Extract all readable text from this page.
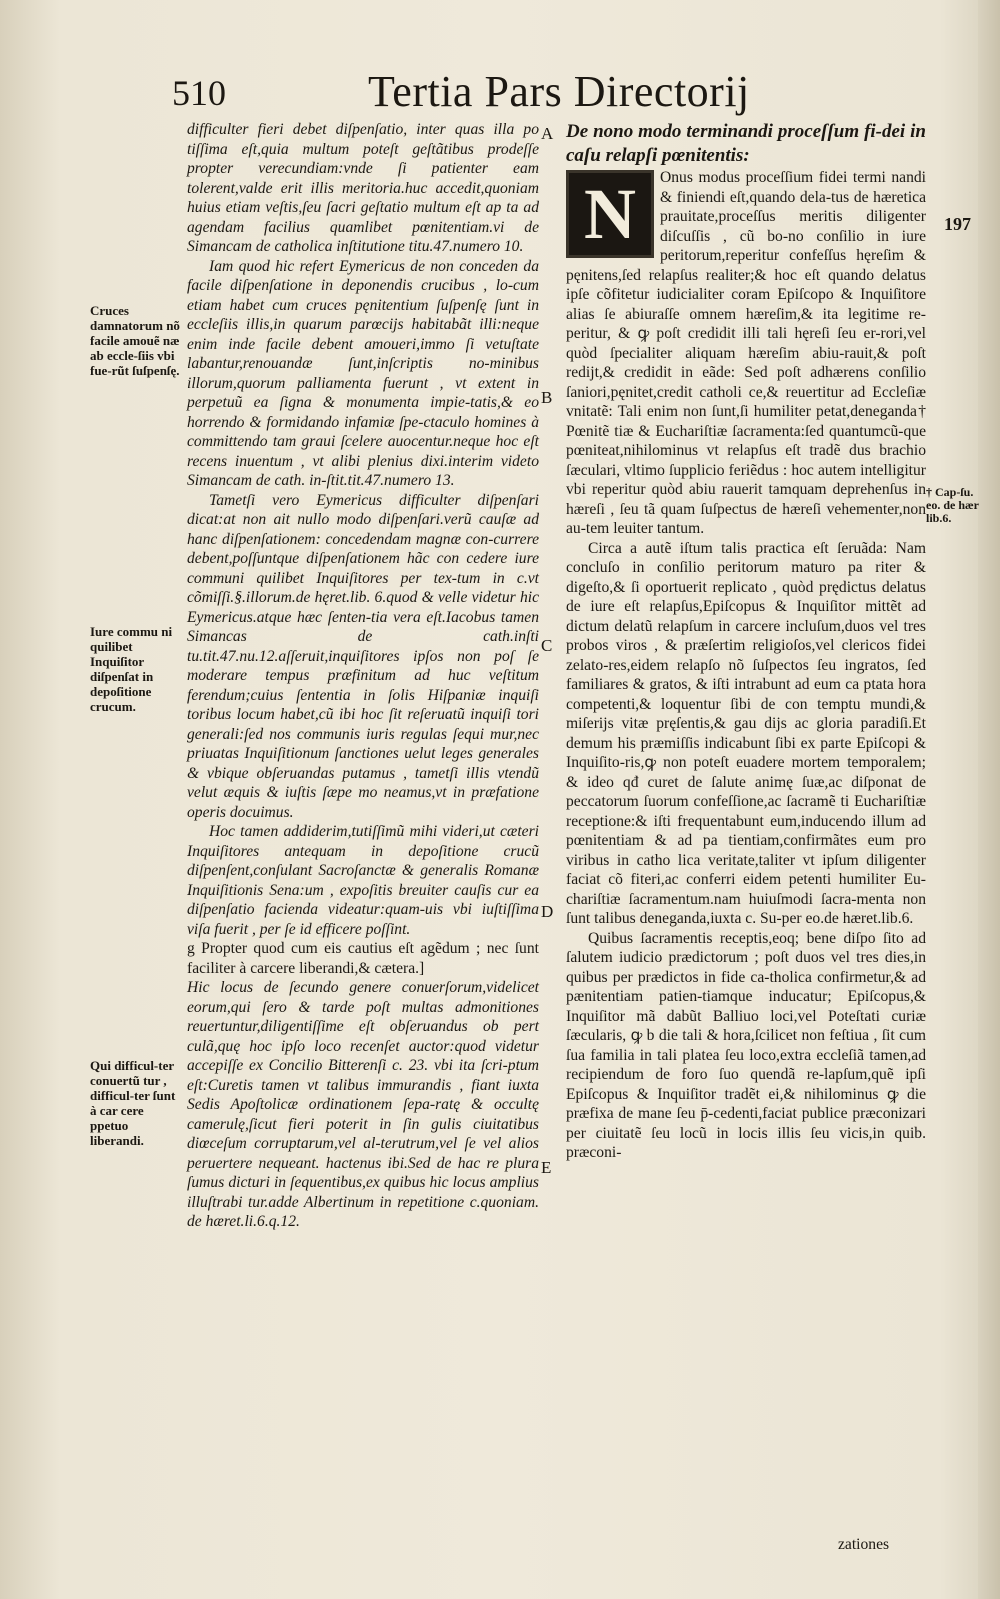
510	Tertia Pars Directorij

difficulter fieri debet diſpenſatio, inter quas illa po tiſſima eſt,quia multum poteſt geſtãtibus prodeſſe propter verecundiam:vnde ſi patienter eam tolerent,valde erit illis meritoria.huc accedit,quoniam huius etiam veſtis,ſeu ſacri geſtatio multum eſt ap ta ad agendam facilius quamlibet pœnitentiam.vi de Simancam de catholica inſtitutione titu.47.numero 10.

Iam quod hic refert Eymericus de non conceden da facile diſpenſatione in deponendis crucibus , lo-cum etiam habet cum cruces pęnitentium ſuſpenſę ſunt in eccleſiis illis,in quarum parœcijs habitabãt illi:neque enim inde facile debent amoueri,immo ſi vetuſtate labantur,renouandæ ſunt,inſcriptis no-minibus illorum,quorum palliamenta fuerunt , vt extent in perpetuũ ea ſigna & monumenta impie-tatis,& eo horrendo & formidando infamiæ ſpe-ctaculo homines à committendo tam graui ſcelere auocentur.neque hoc eſt recens inuentum , vt alibi plenius dixi.interim videto Simancam de cath. in-ſtit.tit.47.numero 13.

Tametſi vero Eymericus difficulter diſpenſari dicat:at non ait nullo modo diſpenſari.verũ cauſæ ad hanc diſpenſationem: concedendam magnæ con-currere debent,poſſuntque diſpenſationem hãc con cedere iure communi quilibet Inquiſitores per tex-tum in c.vt cõmiſſi.§.illorum.de hęret.lib. 6.quod & velle videtur hic Eymericus.atque hæc ſenten-tia vera eſt.Iacobus tamen Simancas de cath.inſti tu.tit.47.nu.12.aſſeruit,inquiſitores ipſos non poſ ſe moderare tempus præfinitum ad huc veſtitum ferendum;cuius ſententia in ſolis Hiſpaniæ inquiſi toribus locum habet,cũ ibi hoc ſit reſeruatũ inquiſi tori generali:ſed nos communis iuris regulas ſequi mur,nec priuatas Inquiſitionum ſanctiones uelut leges generales & vbique obſeruandas putamus , tametſi illis vtendũ velut æquis & iuſtis ſæpe mo neamus,vt in præfatione operis docuimus.

Hoc tamen addiderim,tutiſſimũ mihi videri,ut cæteri Inquiſitores antequam in depoſitione crucũ diſpenſent,conſulant Sacroſanctæ & generalis Romanæ Inquiſitionis Sena:um , expoſitis breuiter cauſis cur ea diſpenſatio facienda videatur:quam-uis vbi iuſtiſſima viſa fuerit , per ſe id efficere poſſint.

g Propter quod cum eis cautius eſt agẽdum ; nec ſunt faciliter à carcere liberandi,& cætera.]

Hic locus de ſecundo genere conuerſorum,videlicet eorum,qui ſero & tarde poſt multas admonitiones reuertuntur,diligentiſſime eſt obſeruandus ob pert culã,quę hoc ipſo loco recenſet auctor:quod videtur accepiſſe ex Concilio Bitterenſi c. 23. vbi ita ſcri-ptum eſt:Curetis tamen vt talibus immurandis , fiant iuxta Sedis Apoſtolicæ ordinationem ſepa-ratę & occultę camerulę,ſicut fieri poterit in ſin gulis ciuitatibus diœceſum corruptarum,vel al-terutrum,vel ſe vel alios peruertere nequeant. hactenus ibi.Sed de hac re plura ſumus dicturi in ſequentibus,ex quibus hic locus amplius illuſtrabi tur.adde Albertinum in repetitione c.quoniam. de hæret.li.6.q.12.

Cruces damnatorum nõ facile amouẽ næ ab eccle-ſiis vbi fue-rũt ſuſpenſę.
Iure commu ni quilibet Inquiſitor diſpenſat in depoſitione crucum.
Qui difficul-ter conuertũ tur , difficul-ter ſunt à car cere ppetuo liberandi.
A
B
C
D
E

De nono modo terminandi proceſſum fi-dei in caſu relapſi pœnitentis:

N	Onus modus proceſſium fidei termi nandi & finiendi eſt,quando dela-tus de hæretica prauitate,proceſſus meritis diligenter diſcuſſis , cũ bo-no conſilio in iure peritorum,reperitur confeſſus hęreſim & pęnitens,ſed relapſus realiter;& hoc eſt quando delatus ipſe cõfitetur iudicialiter coram Epiſcopo & Inquiſitore alias ſe abiuraſſe omnem hæreſim,& ita legitime re-peritur, & ꝙ poſt credidit illi tali hęreſi ſeu er-rori,vel quòd ſpecialiter aliquam hæreſim abiu-rauit,& poſt redijt,& credidit in eãde: Sed poſt adhærens conſilio ſaniori,pęnitet,credit catholi ce,& reuertitur ad Eccleſiæ vnitatẽ: Tali enim non ſunt,ſi humiliter petat,deneganda† Pœnitẽ tiæ & Euchariſtiæ ſacramenta:ſed quantumcũ-que pœniteat,nihilominus vt relapſus eſt tradẽ dus brachio ſæculari, vltimo ſupplicio feriẽdus : hoc autem intelligitur vbi reperitur quòd abiu rauerit tamquam deprehenſus in hæreſi , ſeu tã quam ſuſpectus de hæreſi vehementer,non au-tem leuiter tantum.

Circa a autẽ iſtum talis practica eſt ſeruãda: Nam concluſo in conſilio peritorum maturo pa riter & digeſto,& ſi oportuerit replicato , quòd prędictus delatus de iure eſt relapſus,Epiſcopus & Inquiſitor mittẽt ad dictum delatũ relapſum in carcere incluſum,duos vel tres probos viros , & præſertim religioſos,vel clericos fidei zelato-res,eidem relapſo nõ ſuſpectos ſeu ingratos, ſed familiares & gratos, & iſti intrabunt ad eum ca ptata hora competenti,& loquentur ſibi de con temptu mundi,& miſerijs vitæ pręſentis,& gau dijs ac gloria paradiſi.Et demum his præmiſſis indicabunt ſibi ex parte Epiſcopi & Inquiſito-ris,ꝙ non poteſt euadere mortem temporalem; & ideo qđ curet de ſalute animę ſuæ,ac diſponat de peccatorum ſuorum confeſſione,ac ſacramẽ ti Euchariſtiæ receptione:& iſti frequentabunt eum,inducendo illum ad pœnitentiam & ad pa tientiam,confirmãtes eum pro viribus in catho lica veritate,taliter vt ipſum diligenter faciat cõ fiteri,ac conferri eidem petenti humiliter Eu-chariſtiæ ſacramentum.nam huiuſmodi ſacra-menta non ſunt talibus deneganda,iuxta c. Su-per eo.de hæret.lib.6.

Quibus ſacramentis receptis,eoq; bene diſpo ſito ad ſalutem iudicio prædictorum ; poſt duos vel tres dies,in quibus per prædictos in fide ca-tholica confirmetur,& ad pænitentiam patien-tiamque inducatur; Epiſcopus,& Inquiſitor mã dabũt Balliuo loci,vel Poteſtati curiæ ſæcularis, ꝙ b die tali & hora,ſcilicet non feſtiua , ſit cum ſua familia in tali platea ſeu loco,extra eccleſiã tamen,ad recipiendum de foro ſuo quendã re-lapſum,quẽ ipſi Epiſcopus & Inquiſitor tradẽt ei,& nihilominus ꝙ die præfixa de mane ſeu p̄-cedenti,faciat publice præconizari per ciuitatẽ ſeu locũ in locis illis ſeu vicis,in quib. præconi-

197
† Cap-ſu. eo. de hær lib.6.
zationes
